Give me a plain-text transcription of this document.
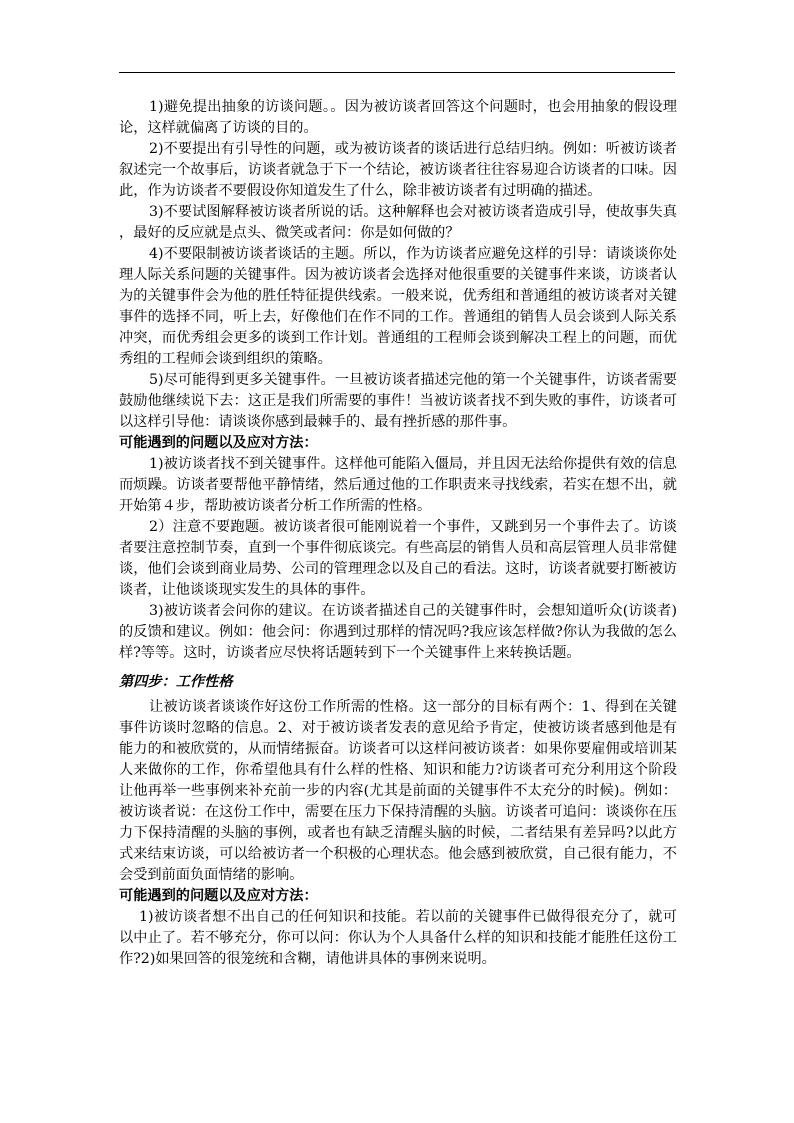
1)避免提出抽象的访谈问题。。因为被访谈者回答这个问题时，也会用抽象的假设理论，这样就偏离了访谈的目的。

2)不要提出有引导性的问题，或为被访谈者的谈话进行总结归纳。例如：听被访谈者叙述完一个故事后，访谈者就急于下一个结论，被访谈者往往容易迎合访谈者的口味。因此，作为访谈者不要假设你知道发生了什么，除非被访谈者有过明确的描述。

3)不要试图解释被访谈者所说的话。这种解释也会对被访谈者造成引导，使故事失真，最好的反应就是点头、微笑或者问：你是如何做的？

4)不要限制被访谈者谈话的主题。所以，作为访谈者应避免这样的引导：请谈谈你处理人际关系问题的关键事件。因为被访谈者会选择对他很重要的关键事件来谈，访谈者认为的关键事件会为他的胜任特征提供线索。一般来说，优秀组和普通组的被访谈者对关键事件的选择不同，听上去，好像他们在作不同的工作。普通组的销售人员会谈到人际关系冲突，而优秀组会更多的谈到工作计划。普通组的工程师会谈到解决工程上的问题，而优秀组的工程师会谈到组织的策略。

5)尽可能得到更多关键事件。一旦被访谈者描述完他的第一个关键事件，访谈者需要鼓励他继续说下去：这正是我们所需要的事件！当被访谈者找不到失败的事件，访谈者可以这样引导他：请谈谈你感到最棘手的、最有挫折感的那件事。

可能遇到的问题以及应对方法：

1)被访谈者找不到关键事件。这样他可能陷入僵局，并且因无法给你提供有效的信息而烦躁。访谈者要帮他平静情绪，然后通过他的工作职责来寻找线索，若实在想不出，就开始第４步，帮助被访谈者分析工作所需的性格。

2）注意不要跑题。被访谈者很可能刚说着一个事件，又跳到另一个事件去了。访谈者要注意控制节奏，直到一个事件彻底谈完。有些高层的销售人员和高层管理人员非常健谈，他们会谈到商业局势、公司的管理理念以及自己的看法。这时，访谈者就要打断被访谈者，让他谈谈现实发生的具体的事件。

3)被访谈者会问你的建议。在访谈者描述自己的关键事件时，会想知道听众(访谈者)的反馈和建议。例如：他会问：你遇到过那样的情况吗?我应该怎样做?你认为我做的怎么样?等等。这时，访谈者应尽快将话题转到下一个关键事件上来转换话题。

第四步：工作性格

让被访谈者谈谈作好这份工作所需的性格。这一部分的目标有两个：1、得到在关键事件访谈时忽略的信息。2、对于被访谈者发表的意见给予肯定，使被访谈者感到他是有能力的和被欣赏的，从而情绪振奋。访谈者可以这样问被访谈者：如果你要雇佣或培训某人来做你的工作，你希望他具有什么样的性格、知识和能力?访谈者可充分利用这个阶段让他再举一些事例来补充前一步的内容(尤其是前面的关键事件不太充分的时候)。例如：被访谈者说：在这份工作中，需要在压力下保持清醒的头脑。访谈者可追问：谈谈你在压力下保持清醒的头脑的事例，或者也有缺乏清醒头脑的时候，二者结果有差异吗?以此方式来结束访谈，可以给被访者一个积极的心理状态。他会感到被欣赏，自己很有能力，不会受到前面负面情绪的影响。

可能遇到的问题以及应对方法：

1)被访谈者想不出自己的任何知识和技能。若以前的关键事件已做得很充分了，就可以中止了。若不够充分，你可以问：你认为个人具备什么样的知识和技能才能胜任这份工作?2)如果回答的很笼统和含糊，请他讲具体的事例来说明。
